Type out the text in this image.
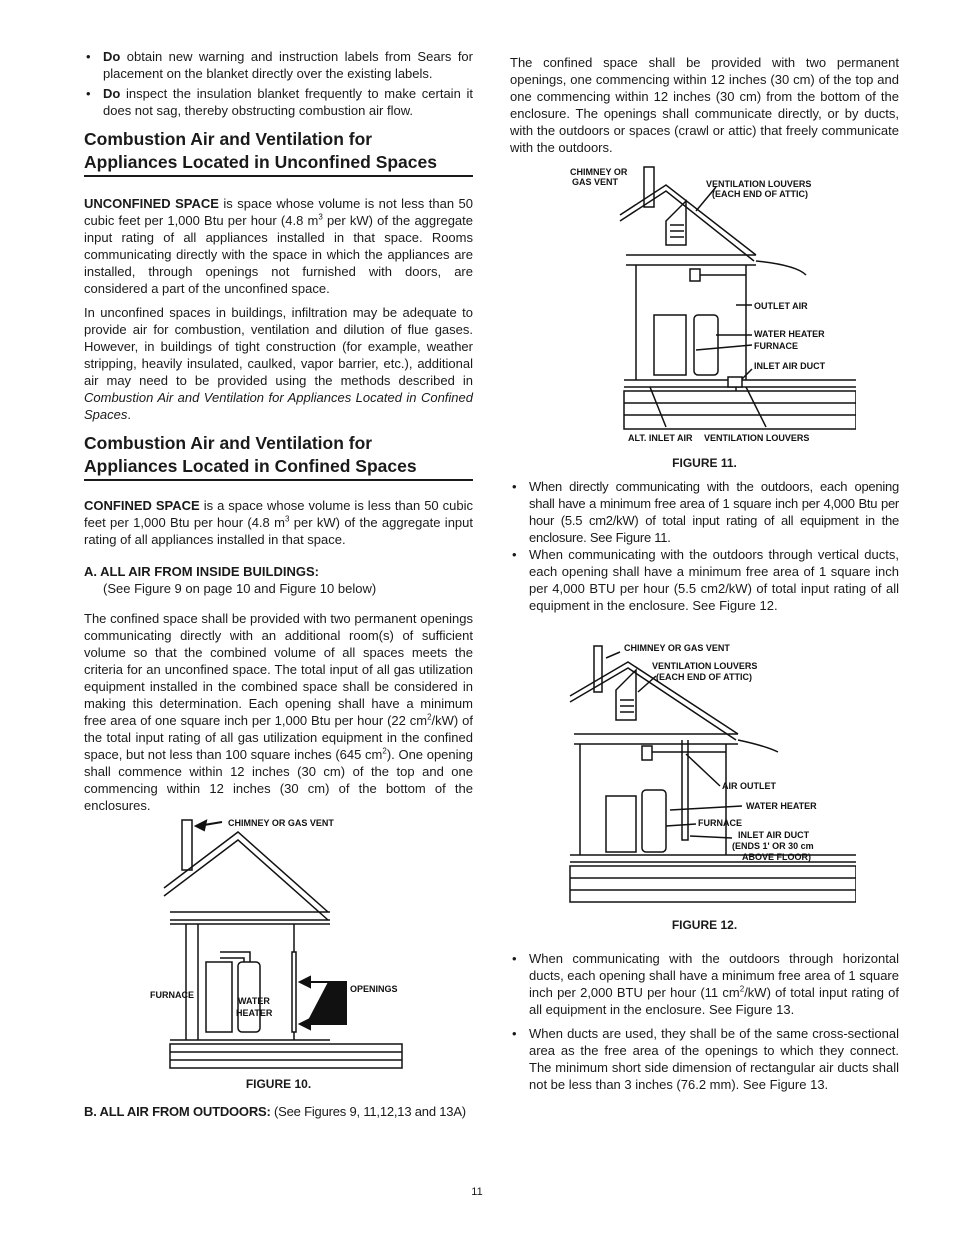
• Do obtain new warning and instruction labels from Sears for placement on the blanket directly over the existing labels.
• Do inspect the insulation blanket frequently to make certain it does not sag, thereby obstructing combustion air flow.
Combustion Air and Ventilation for
Appliances Located in Unconfined Spaces

UNCONFINED SPACE is space whose volume is not less than 50 cubic feet per 1,000 Btu per hour (4.8 $m^3$ per kW) of the aggregate input rating of all appliances installed in that space. Rooms communicating directly with the space in which the appliances are installed, through openings not furnished with doors, are considered a part of the unconfined space.

In unconfined spaces in buildings, infiltration may be adequate to provide air for combustion, ventilation and dilution of flue gases. However, in buildings of tight construction (for example, weather stripping, heavily insulated, caulked, vapor barrier, etc.), additional air may need to be provided using the methods described in Combustion Air and Ventilation for Appliances Located in Confined Spaces.

Combustion Air and Ventilation for
Appliances Located in Confined Spaces

CONFINED SPACE is a space whose volume is less than 50 cubic feet per 1,000 Btu per hour (4.8 $m^3$ per kW) of the aggregate input rating of all appliances installed in that space.

A. ALL AIR FROM INSIDE BUILDINGS:

(See Figure 9 on page 10 and Figure 10 below)

The confined space shall be provided with two permanent openings communicating directly with an additional room(s) of sufficient volume so that the combined volume of all spaces meets the criteria for an unconfined space. The total input of all gas utilization equipment installed in the combined space shall be considered in making this determination. Each opening shall have a minimum free area of one square inch per 1,000 Btu per hour (22 $cm^2/kW$) of the total input rating of all gas utilization equipment in the confined space, but not less than 100 square inches (645 $cm^2$). One opening shall commence within 12 inches (30 cm) of the top and one commencing within 12 inches (30 cm) of the bottom of the enclosures.

CHIMNEY OR GAS VENT
FURNACE
WATER
HEATER
OPENINGS
FIGURE 10.

B. ALL AIR FROM OUTDOORS: (See Figures 9, 11,12,13 and 13A)

The confined space shall be provided with two permanent openings, one commencing within 12 inches (30 cm) of the top and one commencing within 12 inches (30 cm) from the bottom of the enclosure. The openings shall communicate directly, or by ducts, with the outdoors or spaces (crawl or attic) that freely communicate with the outdoors.

CHIMNEY OR
GAS VENT	VENTILATION LOUVERS
(EACH END OF ATTIC)
OUTLET AIR
WATER HEATER
FURNACE
INLET AIR DUCT
ALT. INLET AIR VENTILATION LOUVERS
FIGURE 11.
• When directly communicating with the outdoors, each opening shall have a minimum free area of 1 square inch per 4,000 Btu per hour (5.5 cm2/kW) of total input rating of all equipment in the enclosure. See Figure 11.
• When communicating with the outdoors through vertical ducts, each opening shall have a minimum free area of 1 square inch per 4,000 BTU per hour (5.5 cm2/kW) of total input rating of all equipment in the enclosure. See Figure 12.
CHIMNEY OR GAS VENT
VENTILATION LOUVERS
(EACH END OF ATTIC)
AIR OUTLET
WATER HEATER
FURNACE
INLET AIR DUCT
(ENDS 1' OR 30 cm
ABOVE FLOOR)
FIGURE 12.
• When communicating with the outdoors through horizontal ducts, each opening shall have a minimum free area of 1 square inch per 2,000 BTU per hour (11 $cm^2/kW$) of total input rating of all equipment in the enclosure. See Figure 13.
• When ducts are used, they shall be of the same cross-sectional area as the free area of the openings to which they connect. The minimum short side dimension of rectangular air ducts shall not be less than 3 inches (76.2 mm). See Figure 13.
11
